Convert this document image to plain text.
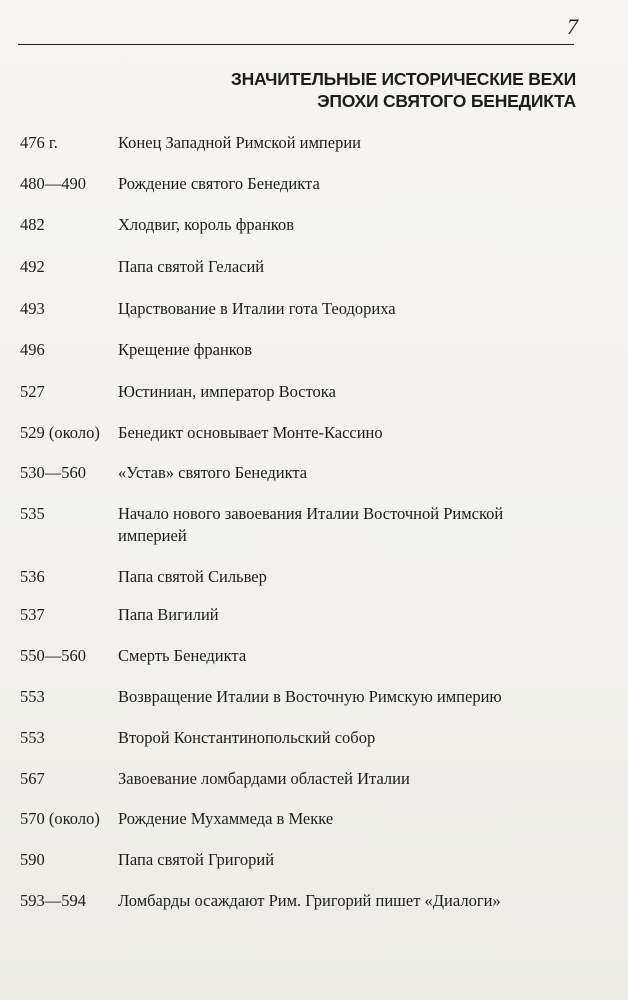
7
ЗНАЧИТЕЛЬНЫЕ ИСТОРИЧЕСКИЕ ВЕХИ
ЭПОХИ СВЯТОГО БЕНЕДИКТА
476 г.	Конец Западной Римской империи
480—490 Рождение святого Бенедикта
482	Хлодвиг, король франков
492	Папа святой Геласий
493	Царствование в Италии гота Теодориха
496	Крещение франков
527	Юстиниан, император Востока
529 (около) Бенедикт основывает Монте-Кассино
530—560 «Устав» святого Бенедикта
535	Начало нового завоевания Италии Восточной Римской империей
536	Папа святой Сильвер
537	Папа Вигилий
550—560 Смерть Бенедикта
553	Возвращение Италии в Восточную Римскую империю
553	Второй Константинопольский собор
567	Завоевание ломбардами областей Италии
570 (около) Рождение Мухаммеда в Мекке
590	Папа святой Григорий
593—594 Ломбарды осаждают Рим. Григорий пишет «Диалоги»
